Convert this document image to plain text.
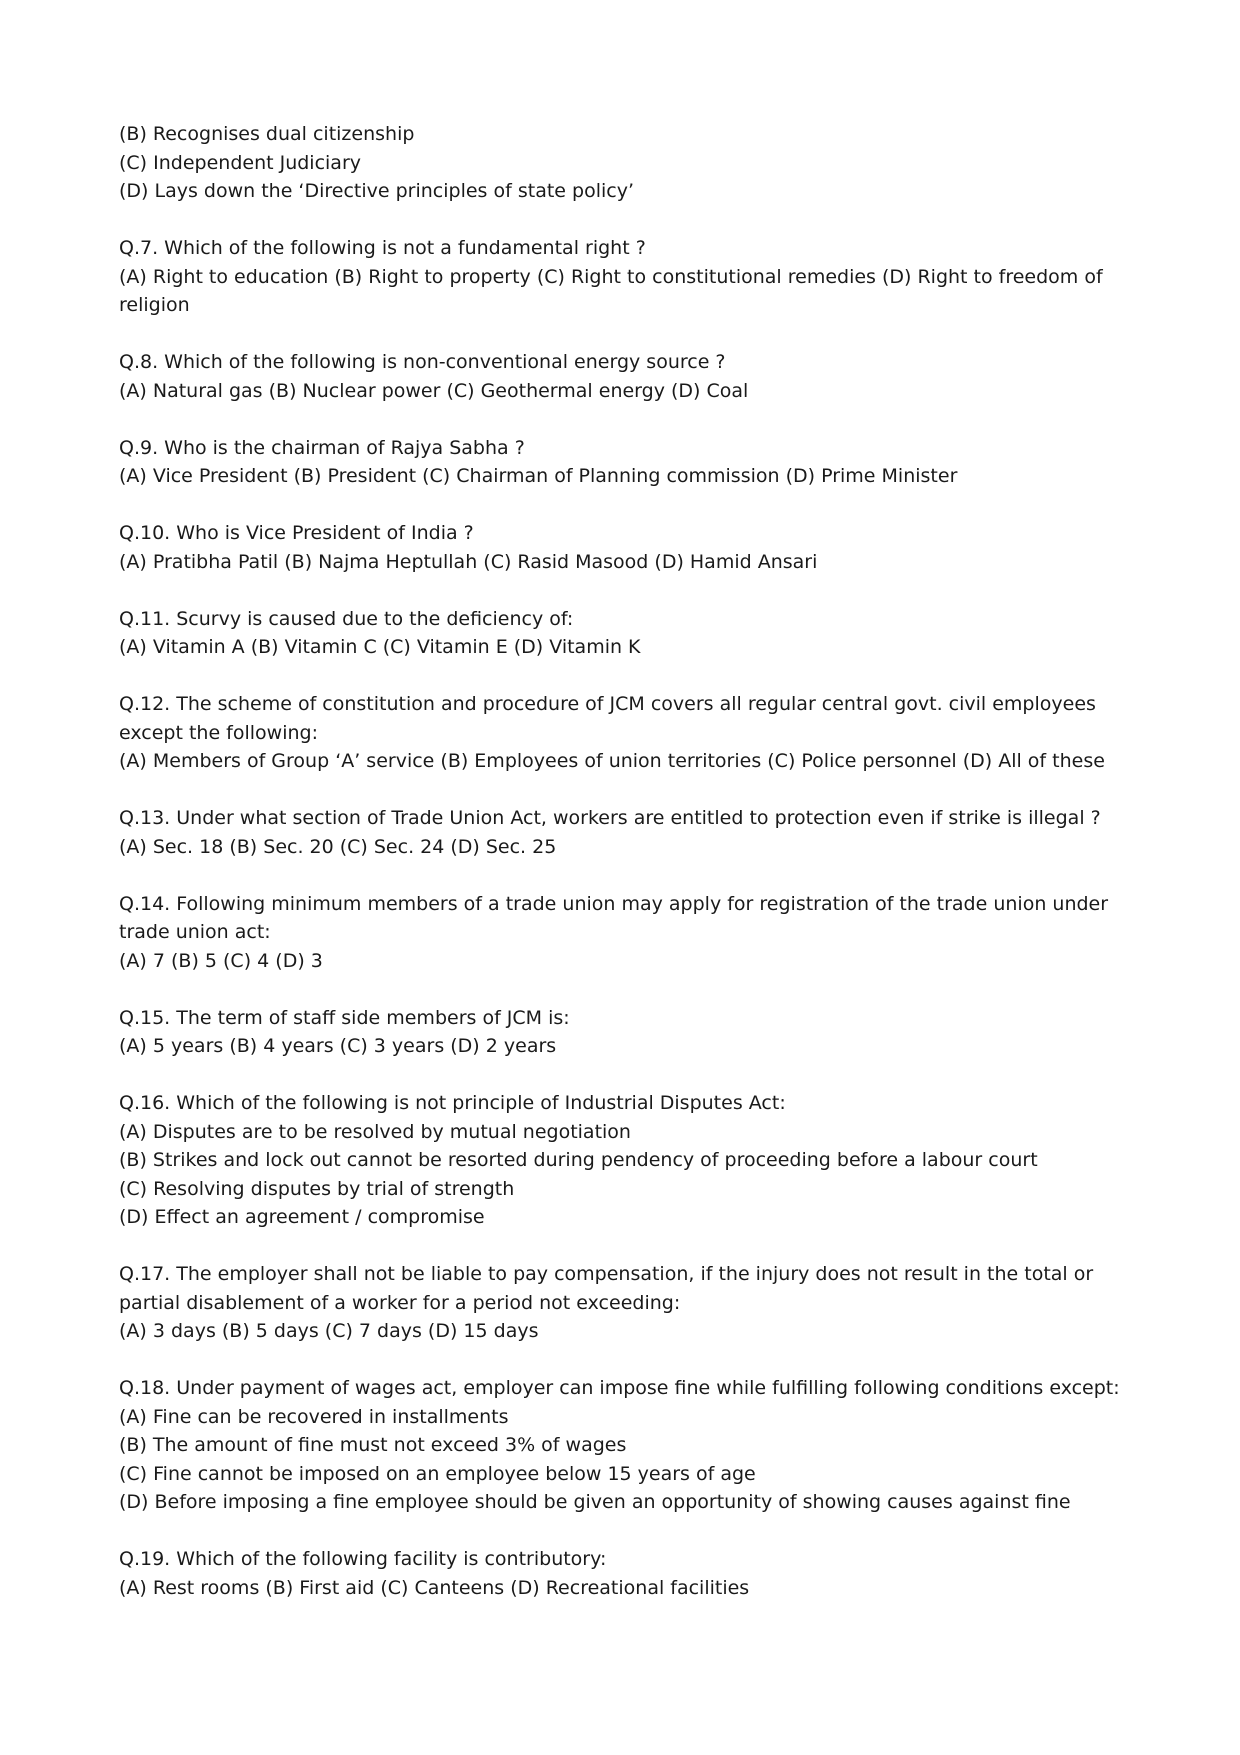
(B) Recognises dual citizenship
(C) Independent Judiciary
(D) Lays down the ‘Directive principles of state policy’
Q.7. Which of the following is not a fundamental right ?
(A) Right to education (B) Right to property (C) Right to constitutional remedies (D) Right to freedom of
religion
Q.8. Which of the following is non-conventional energy source ?
(A) Natural gas (B) Nuclear power (C) Geothermal energy (D) Coal
Q.9. Who is the chairman of Rajya Sabha ?
(A) Vice President (B) President (C) Chairman of Planning commission (D) Prime Minister
Q.10. Who is Vice President of India ?
(A) Pratibha Patil (B) Najma Heptullah (C) Rasid Masood (D) Hamid Ansari
Q.11. Scurvy is caused due to the deficiency of:
(A) Vitamin A (B) Vitamin C (C) Vitamin E (D) Vitamin K
Q.12. The scheme of constitution and procedure of JCM covers all regular central govt. civil employees
except the following:
(A) Members of Group ‘A’ service (B) Employees of union territories (C) Police personnel (D) All of these
Q.13. Under what section of Trade Union Act, workers are entitled to protection even if strike is illegal ?
(A) Sec. 18 (B) Sec. 20 (C) Sec. 24 (D) Sec. 25
Q.14. Following minimum members of a trade union may apply for registration of the trade union under
trade union act:
(A) 7 (B) 5 (C) 4 (D) 3
Q.15. The term of staff side members of JCM is:
(A) 5 years (B) 4 years (C) 3 years (D) 2 years
Q.16. Which of the following is not principle of Industrial Disputes Act:
(A) Disputes are to be resolved by mutual negotiation
(B) Strikes and lock out cannot be resorted during pendency of proceeding before a labour court
(C) Resolving disputes by trial of strength
(D) Effect an agreement / compromise
Q.17. The employer shall not be liable to pay compensation, if the injury does not result in the total or
partial disablement of a worker for a period not exceeding:
(A) 3 days (B) 5 days (C) 7 days (D) 15 days
Q.18. Under payment of wages act, employer can impose fine while fulfilling following conditions except:
(A) Fine can be recovered in installments
(B) The amount of fine must not exceed 3% of wages
(C) Fine cannot be imposed on an employee below 15 years of age
(D) Before imposing a fine employee should be given an opportunity of showing causes against fine
Q.19. Which of the following facility is contributory:
(A) Rest rooms (B) First aid (C) Canteens (D) Recreational facilities
